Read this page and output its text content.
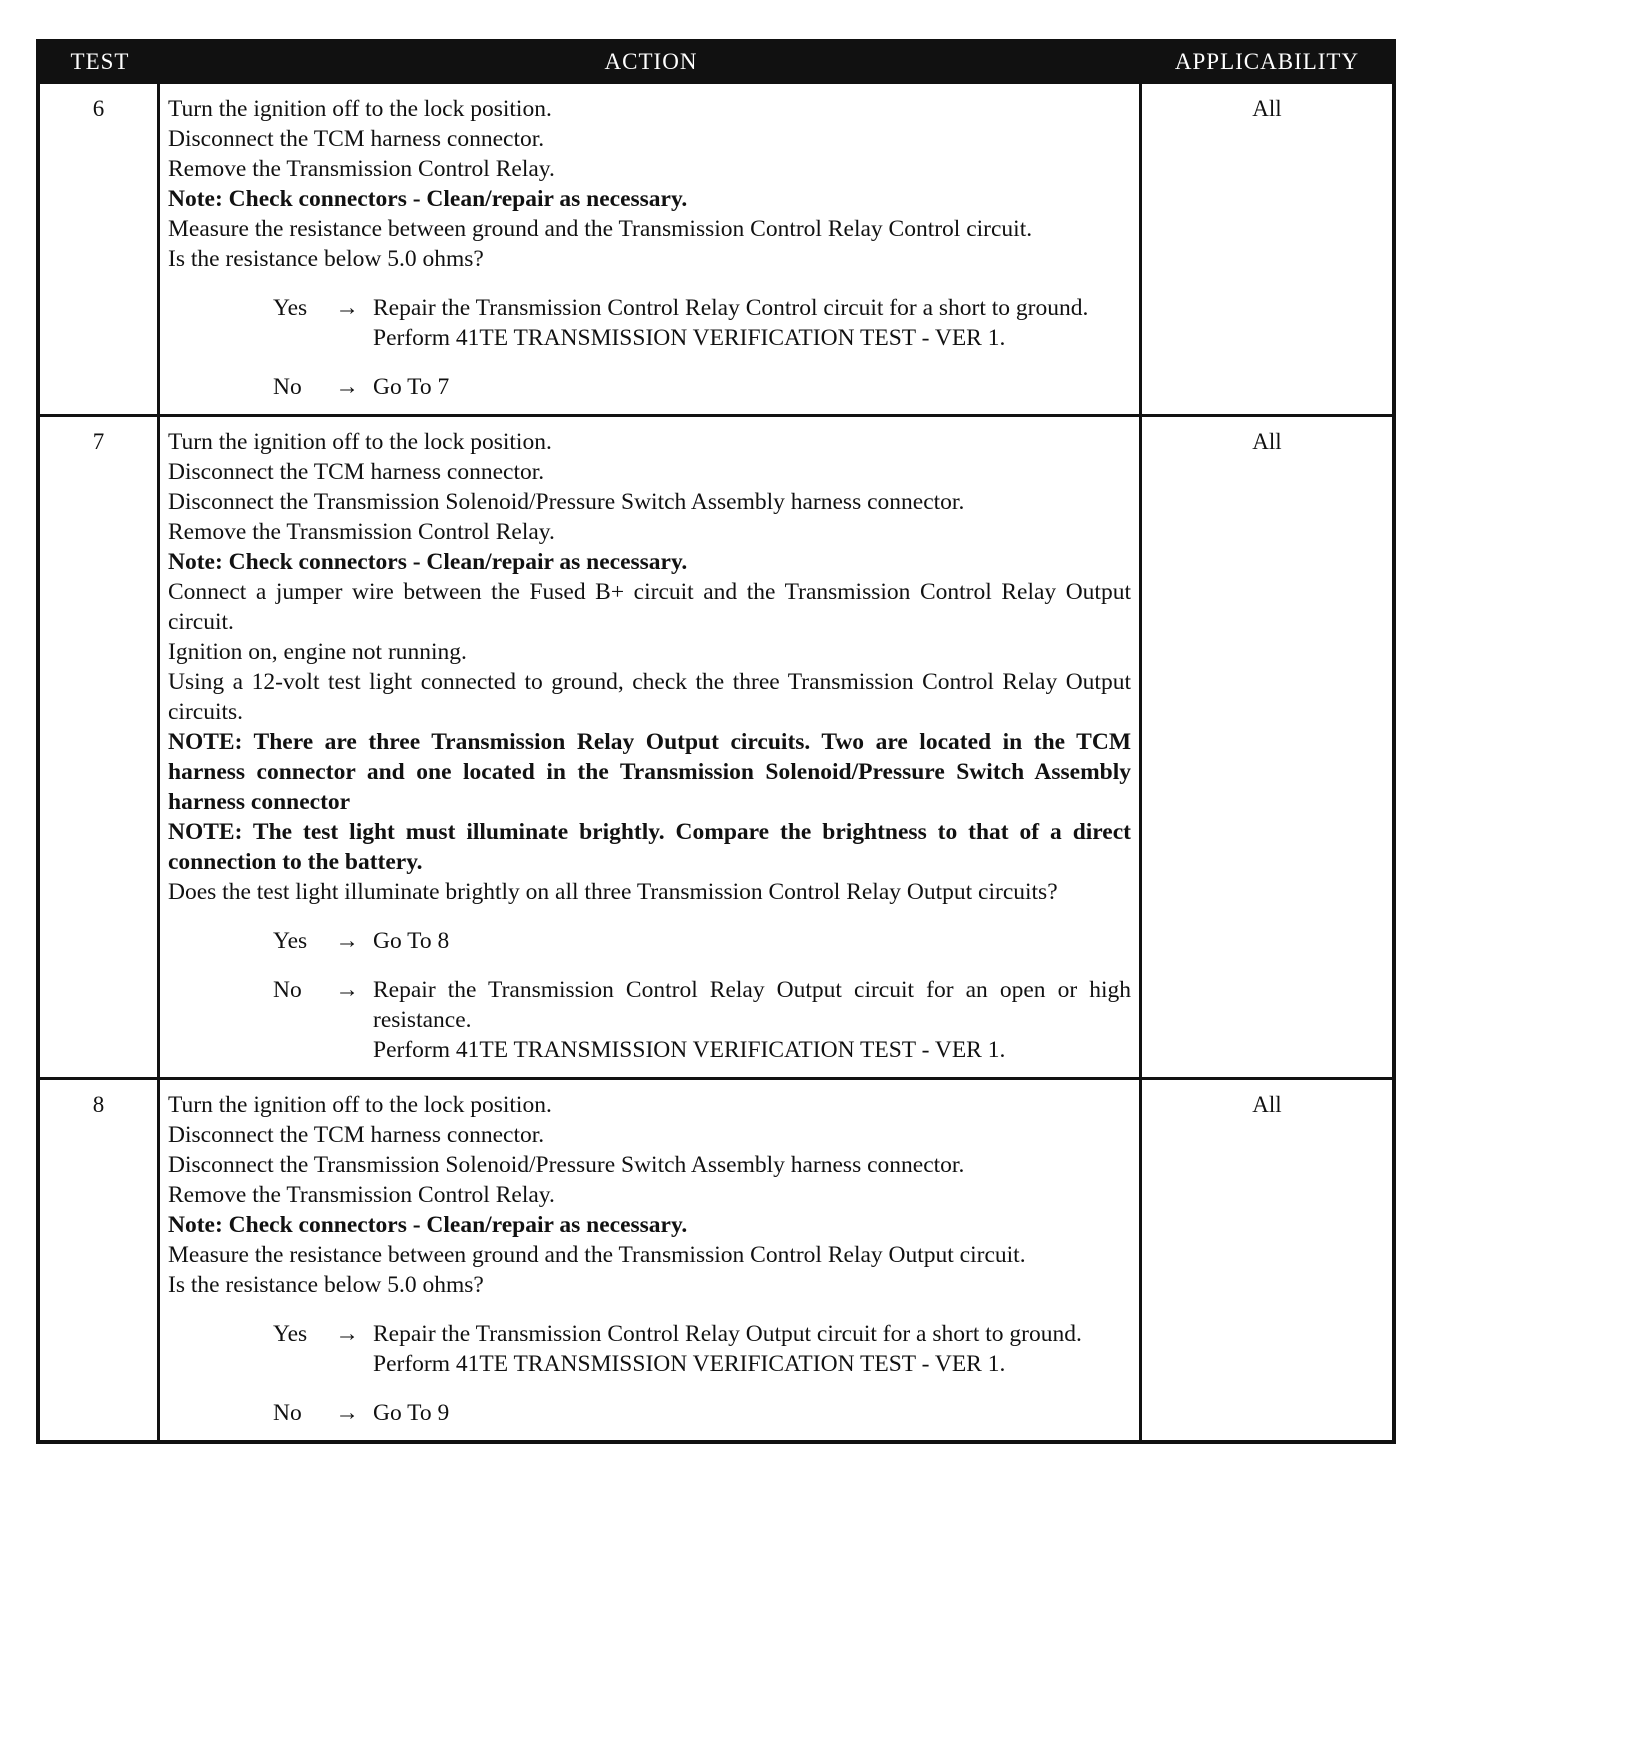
TEST	ACTION	APPLICABILITY
6	Turn the ignition off to the lock position.
Disconnect the TCM harness connector.
Remove the Transmission Control Relay.
Note: Check connectors - Clean/repair as necessary.
Measure the resistance between ground and the Transmission Control Relay Control circuit.
Is the resistance below 5.0 ohms?
Yes	→ Repair the Transmission Control Relay Control circuit for a short to ground.
Perform 41TE TRANSMISSION VERIFICATION TEST - VER 1.
No	→ Go To 7
All
7	Turn the ignition off to the lock position.
Disconnect the TCM harness connector.
Disconnect the Transmission Solenoid/Pressure Switch Assembly harness connector.
Remove the Transmission Control Relay.
Note: Check connectors - Clean/repair as necessary.
Connect a jumper wire between the Fused B+ circuit and the Transmission Control Relay Output circuit.
Ignition on, engine not running.
Using a 12-volt test light connected to ground, check the three Transmission Control Relay Output circuits.
NOTE: There are three Transmission Relay Output circuits. Two are located in the TCM harness connector and one located in the Transmission Solenoid/Pressure Switch Assembly harness connector
NOTE: The test light must illuminate brightly. Compare the brightness to that of a direct connection to the battery.
Does the test light illuminate brightly on all three Transmission Control Relay Output circuits?
Yes	→ Go To 8
No	→ Repair the Transmission Control Relay Output circuit for an open or high resistance.
Perform 41TE TRANSMISSION VERIFICATION TEST - VER 1.
All
8	Turn the ignition off to the lock position.
Disconnect the TCM harness connector.
Disconnect the Transmission Solenoid/Pressure Switch Assembly harness connector.
Remove the Transmission Control Relay.
Note: Check connectors - Clean/repair as necessary.
Measure the resistance between ground and the Transmission Control Relay Output circuit.
Is the resistance below 5.0 ohms?
Yes	→ Repair the Transmission Control Relay Output circuit for a short to ground.
Perform 41TE TRANSMISSION VERIFICATION TEST - VER 1.
No	→ Go To 9
All
